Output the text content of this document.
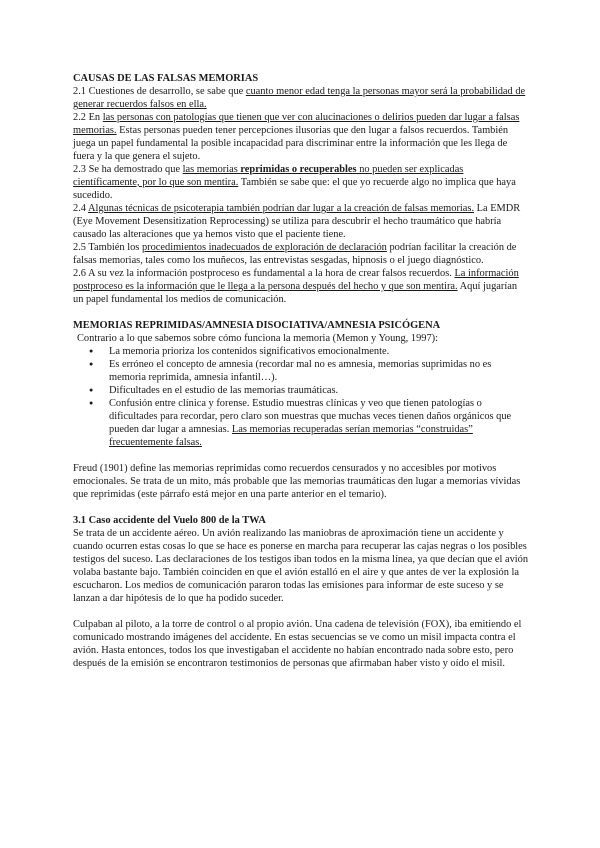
CAUSAS DE LAS FALSAS MEMORIAS

2.1 Cuestiones de desarrollo, se sabe que cuanto menor edad tenga la personas mayor será la probabilidad de generar recuerdos falsos en ella.

2.2 En las personas con patologías que tienen que ver con alucinaciones o delirios pueden dar lugar a falsas memorias. Estas personas pueden tener percepciones ilusorias que den lugar a falsos recuerdos. También juega un papel fundamental la posible incapacidad para discriminar entre la información que les llega de fuera y la que genera el sujeto.

2.3 Se ha demostrado que las memorias reprimidas o recuperables no pueden ser explicadas científicamente, por lo que son mentira. También se sabe que: el que yo recuerde algo no implica que haya sucedido.

2.4 Algunas técnicas de psicoterapia también podrían dar lugar a la creación de falsas memorias. La EMDR (Eye Movement Desensitization Reprocessing) se utiliza para descubrir el hecho traumático que habría causado las alteraciones que ya hemos visto que el paciente tiene.

2.5 También los procedimientos inadecuados de exploración de declaración podrían facilitar la creación de falsas memorias, tales como los muñecos, las entrevistas sesgadas, hipnosis o el juego diagnóstico.

2.6 A su vez la información postproceso es fundamental a la hora de crear falsos recuerdos. La información postproceso es la información que le llega a la persona después del hecho y que son mentira. Aquí jugarían un papel fundamental los medios de comunicación.

MEMORIAS REPRIMIDAS/AMNESIA DISOCIATIVA/AMNESIA PSICÓGENA

Contrario a lo que sabemos sobre cómo funciona la memoria (Memon y Young, 1997):

● La memoria prioriza los contenidos significativos emocionalmente.
● Es erróneo el concepto de amnesia (recordar mal no es amnesia, memorias suprimidas no es memoria reprimida, amnesia infantil…).
● Dificultades en el estudio de las memorias traumáticas.
● Confusión entre clínica y forense. Estudio muestras clínicas y veo que tienen patologías o dificultades para recordar, pero claro son muestras que muchas veces tienen daños orgánicos que pueden dar lugar a amnesias. Las memorias recuperadas serían memorias “construidas” frecuentemente falsas.

Freud (1901) define las memorias reprimidas como recuerdos censurados y no accesibles por motivos emocionales. Se trata de un mito, más probable que las memorias traumáticas den lugar a memorias vívidas que reprimidas (este párrafo está mejor en una parte anterior en el temario).

3.1 Caso accidente del Vuelo 800 de la TWA

Se trata de un accidente aéreo. Un avión realizando las maniobras de aproximación tiene un accidente y cuando ocurren estas cosas lo que se hace es ponerse en marcha para recuperar las cajas negras o los posibles testigos del suceso. Las declaraciones de los testigos iban todos en la misma línea, ya que decían que el avión volaba bastante bajo. También coinciden en que el avión estalló en el aire y que antes de ver la explosión la escucharon. Los medios de comunicación pararon todas las emisiones para informar de este suceso y se lanzan a dar hipótesis de lo que ha podido suceder.

Culpaban al piloto, a la torre de control o al propio avión. Una cadena de televisión (FOX), iba emitiendo el comunicado mostrando imágenes del accidente. En estas secuencias se ve como un misil impacta contra el avión. Hasta entonces, todos los que investigaban el accidente no habían encontrado nada sobre esto, pero después de la emisión se encontraron testimonios de personas que afirmaban haber visto y oído el misil.
